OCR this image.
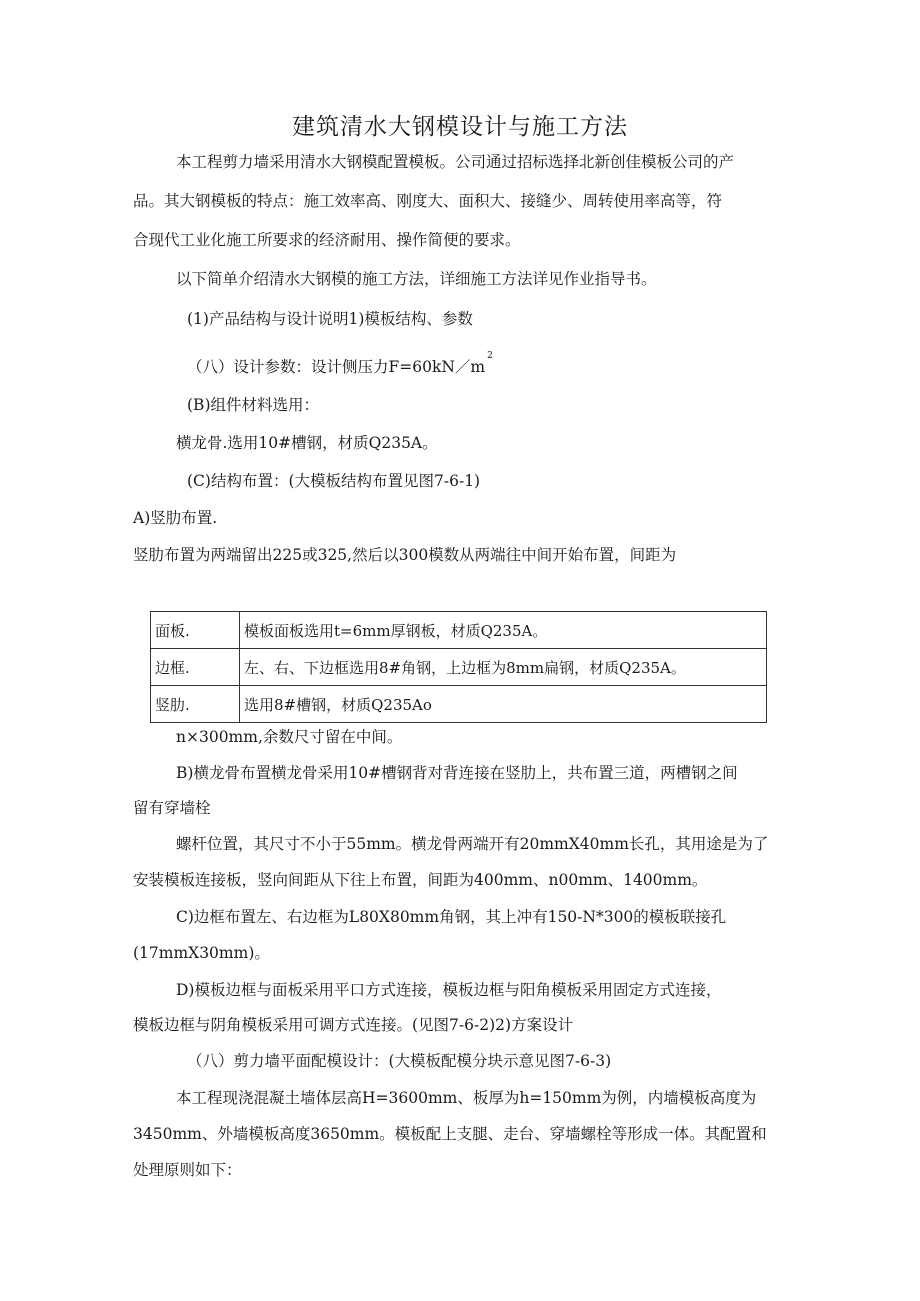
建筑清水大钢模设计与施工方法
本工程剪力墙采用清水大钢模配置模板。公司通过招标选择北新创佳模板公司的产
品。其大钢模板的特点：施工效率高、刚度大、面积大、接缝少、周转使用率高等，符
合现代工业化施工所要求的经济耐用、操作简便的要求。
以下简单介绍清水大钢模的施工方法，详细施工方法详见作业指导书。
(1)产品结构与设计说明1)模板结构、参数
（八）设计参数：设计侧压力$F=60kN/m^2$
(B)组件材料选用：
横龙骨.选用10#槽钢，材质Q235A。
(C)结构布置：(大模板结构布置见图7-6-1)
A)竖肋布置.
竖肋布置为两端留出225或325,然后以300模数从两端往中间开始布置，间距为
面板.	模板面板选用t=6mm厚钢板，材质Q235A。
边框.	左、右、下边框选用8#角钢，上边框为8mm扁钢，材质Q235A。
竖肋.	选用8#槽钢，材质Q235Ao
n×300mm,余数尺寸留在中间。
B)横龙骨布置横龙骨采用10#槽钢背对背连接在竖肋上，共布置三道，两槽钢之间
留有穿墙栓
螺杆位置，其尺寸不小于55mm。横龙骨两端开有20mmX40mm长孔，其用途是为了
安装模板连接板，竖向间距从下往上布置，间距为400mm、n00mm、1400mm。
C)边框布置左、右边框为L80X80mm角钢，其上冲有150-N*300的模板联接孔
(17mmX30mm)。
D)模板边框与面板采用平口方式连接，模板边框与阳角模板采用固定方式连接，
模板边框与阴角模板采用可调方式连接。(见图7-6-2)2)方案设计
（八）剪力墙平面配模设计：(大模板配模分块示意见图7-6-3)
本工程现浇混凝土墙体层高H=3600mm、板厚为h=150mm为例，内墙模板高度为
3450mm、外墙模板高度3650mm。模板配上支腿、走台、穿墙螺栓等形成一体。其配置和
处理原则如下：
